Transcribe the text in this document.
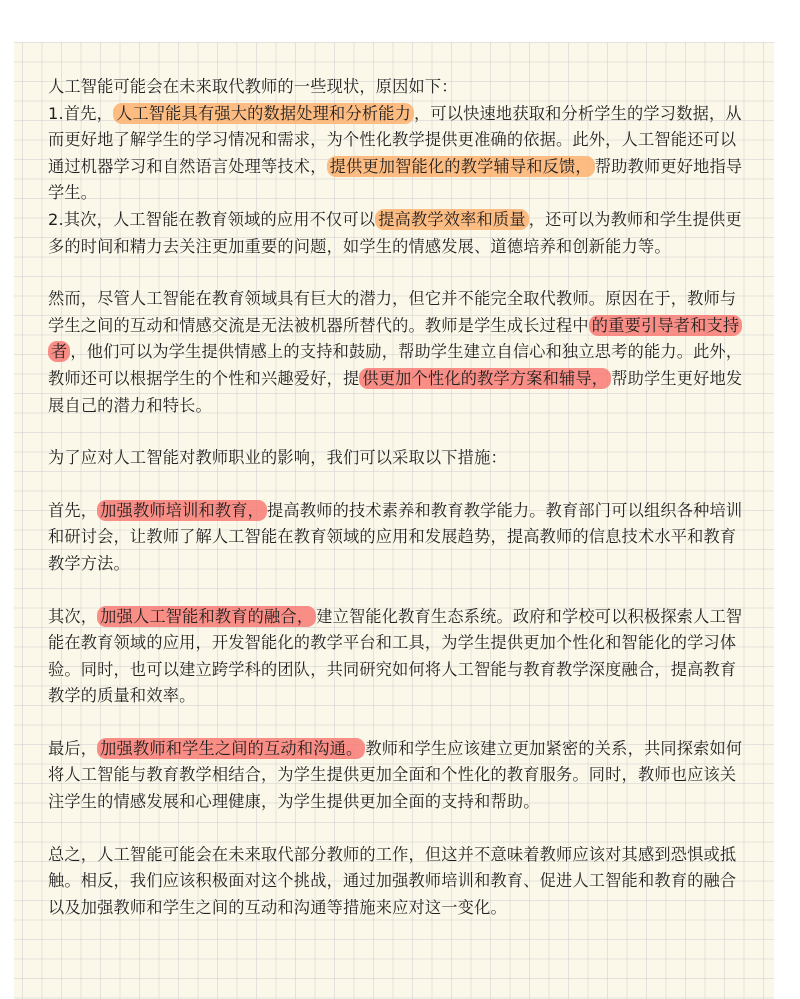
人工智能可能会在未来取代教师的一些现状，原因如下：

1.首先， 人工智能具有强大的数据处理和分析能力 ，可以快速地获取和分析学生的学习数据，从而更好地了解学生的学习情况和需求，为个性化教学提供更准确的依据。此外，人工智能还可以通过机器学习和自然语言处理等技术， 提供更加智能化的教学辅导和反馈， 帮助教师更好地指导学生。

2.其次，人工智能在教育领域的应用不仅可以 提高教学效率和质量 ，还可以为教师和学生提供更多的时间和精力去关注更加重要的问题，如学生的情感发展、道德培养和创新能力等。

然而，尽管人工智能在教育领域具有巨大的潜力，但它并不能完全取代教师。原因在于，教师与学生之间的互动和情感交流是无法被机器所替代的。教师是学生成长过程中 的重要引导者和支持者 ，他们可以为学生提供情感上的支持和鼓励，帮助学生建立自信心和独立思考的能力。此外，教师还可以根据学生的个性和兴趣爱好，提 供更加个性化的教学方案和辅导， 帮助学生更好地发展自己的潜力和特长。

为了应对人工智能对教师职业的影响，我们可以采取以下措施：

首先， 加强教师培训和教育， 提高教师的技术素养和教育教学能力。教育部门可以组织各种培训和研讨会，让教师了解人工智能在教育领域的应用和发展趋势，提高教师的信息技术水平和教育教学方法。

其次， 加强人工智能和教育的融合， 建立智能化教育生态系统。政府和学校可以积极探索人工智能在教育领域的应用，开发智能化的教学平台和工具，为学生提供更加个性化和智能化的学习体验。同时，也可以建立跨学科的团队，共同研究如何将人工智能与教育教学深度融合，提高教育教学的质量和效率。

最后， 加强教师和学生之间的互动和沟通。 教师和学生应该建立更加紧密的关系，共同探索如何将人工智能与教育教学相结合，为学生提供更加全面和个性化的教育服务。同时，教师也应该关注学生的情感发展和心理健康，为学生提供更加全面的支持和帮助。

总之，人工智能可能会在未来取代部分教师的工作，但这并不意味着教师应该对其感到恐惧或抵触。相反，我们应该积极面对这个挑战，通过加强教师培训和教育、促进人工智能和教育的融合以及加强教师和学生之间的互动和沟通等措施来应对这一变化。
